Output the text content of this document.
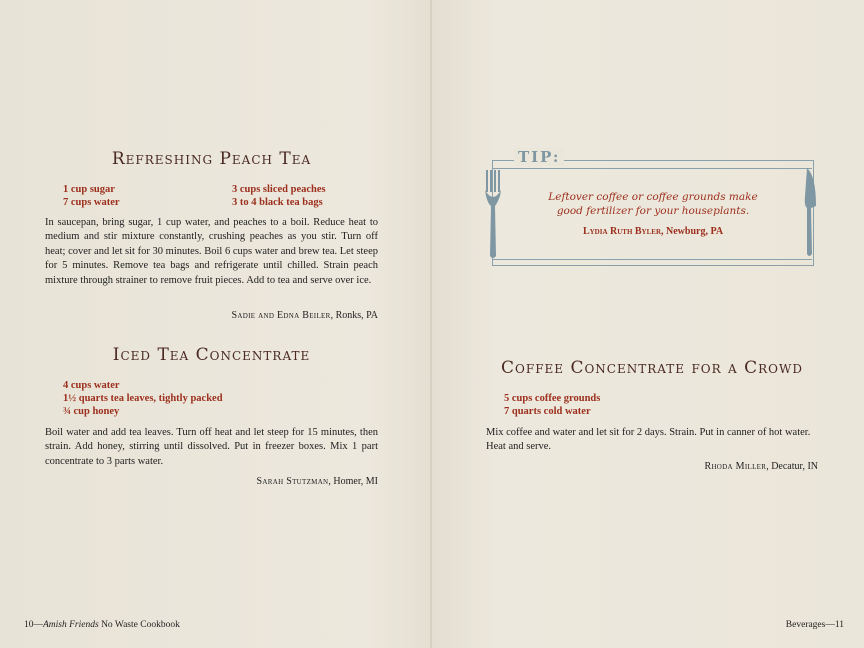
Refreshing Peach Tea
1 cup sugar
7 cups water
3 cups sliced peaches
3 to 4 black tea bags
In saucepan, bring sugar, 1 cup water, and peaches to a boil. Reduce heat to medium and stir mixture constantly, crushing peaches as you stir. Turn off heat; cover and let sit for 30 minutes. Boil 6 cups water and brew tea. Let steep for 5 minutes. Remove tea bags and refrigerate until chilled. Strain peach mixture through strainer to remove fruit pieces. Add to tea and serve over ice.
Sadie and Edna Beiler, Ronks, PA
Iced Tea Concentrate
4 cups water
1½ quarts tea leaves, tightly packed
¾ cup honey
Boil water and add tea leaves. Turn off heat and let steep for 15 minutes, then strain. Add honey, stirring until dissolved. Put in freezer boxes. Mix 1 part concentrate to 3 parts water.
Sarah Stutzman, Homer, MI
10—Amish Friends No Waste Cookbook
TIP:
Leftover coffee or coffee grounds make good fertilizer for your houseplants.
Lydia Ruth Byler, Newburg, PA
Coffee Concentrate for a Crowd
5 cups coffee grounds
7 quarts cold water
Mix coffee and water and let sit for 2 days. Strain. Put in canner of hot water. Heat and serve.
Rhoda Miller, Decatur, IN
Beverages—11
